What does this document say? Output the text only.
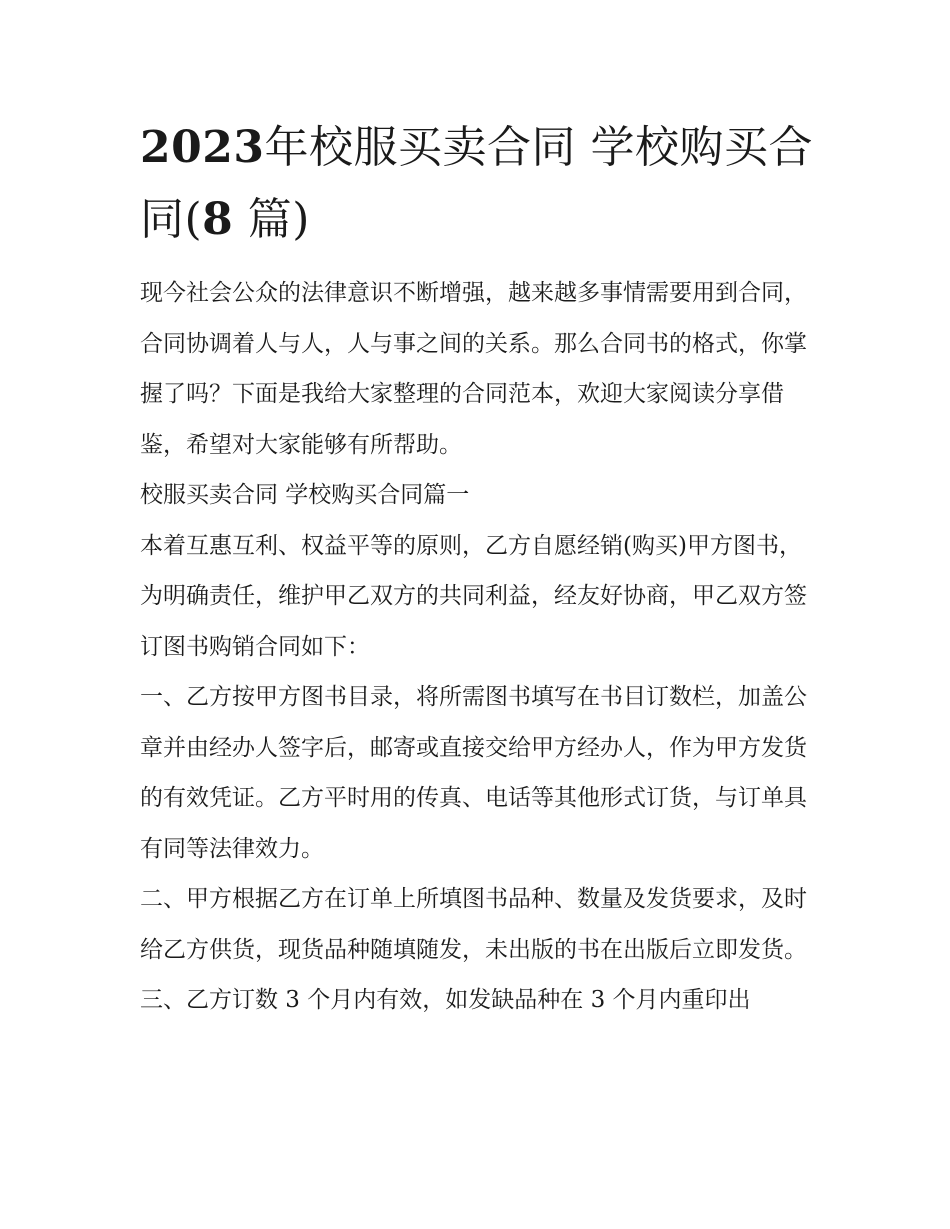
2023年校服买卖合同 学校购买合同(8 篇)

现今社会公众的法律意识不断增强，越来越多事情需要用到合同，合同协调着人与人，人与事之间的关系。那么合同书的格式，你掌握了吗？下面是我给大家整理的合同范本，欢迎大家阅读分享借鉴，希望对大家能够有所帮助。

校服买卖合同 学校购买合同篇一

本着互惠互利、权益平等的原则，乙方自愿经销(购买)甲方图书，为明确责任，维护甲乙双方的共同利益，经友好协商，甲乙双方签订图书购销合同如下：

一、乙方按甲方图书目录，将所需图书填写在书目订数栏，加盖公章并由经办人签字后，邮寄或直接交给甲方经办人，作为甲方发货的有效凭证。乙方平时用的传真、电话等其他形式订货，与订单具有同等法律效力。

二、甲方根据乙方在订单上所填图书品种、数量及发货要求，及时给乙方供货，现货品种随填随发，未出版的书在出版后立即发货。

三、乙方订数 3 个月内有效，如发缺品种在 3 个月内重印出
